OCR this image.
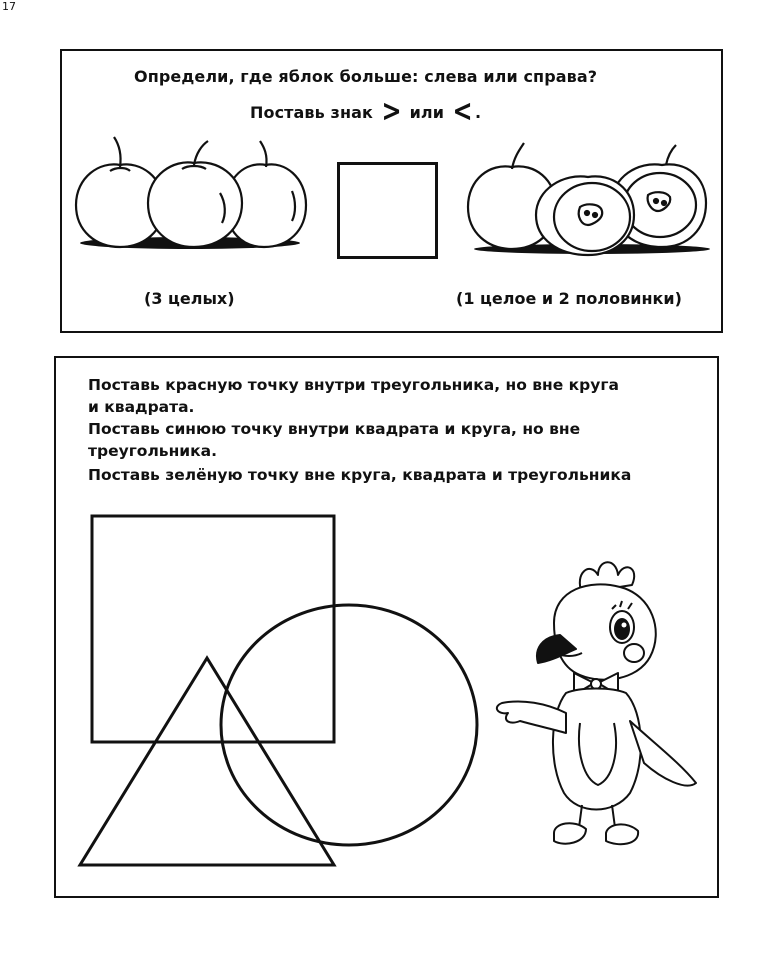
17
Определи, где яблок больше: слева или справа?
Поставь знак > или < .
(3 целых)	(1 целое и 2 половинки)
Поставь красную точку внутри треугольника, но вне круга
и квадрата.
Поставь синюю точку внутри квадрата и круга, но вне
треугольника.
Поставь зелёную точку вне круга, квадрата и треугольника
